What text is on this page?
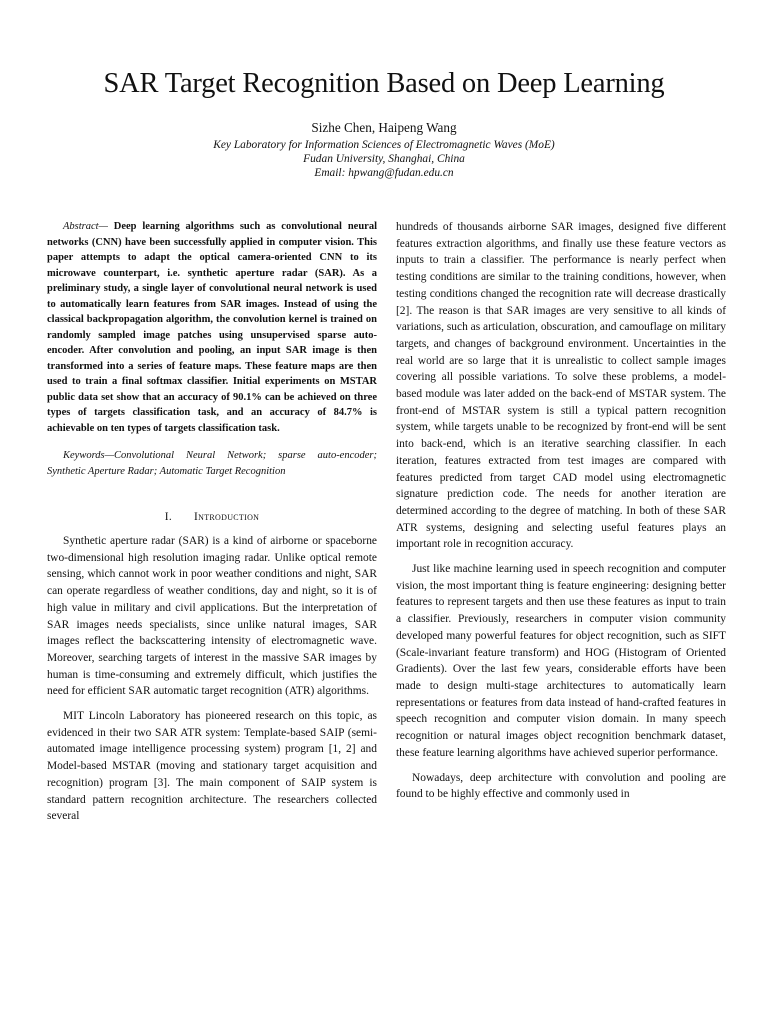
SAR Target Recognition Based on Deep Learning
Sizhe Chen, Haipeng Wang
Key Laboratory for Information Sciences of Electromagnetic Waves (MoE)
Fudan University, Shanghai, China
Email: hpwang@fudan.edu.cn

Abstract— Deep learning algorithms such as convolutional neural networks (CNN) have been successfully applied in computer vision. This paper attempts to adapt the optical camera-oriented CNN to its microwave counterpart, i.e. synthetic aperture radar (SAR). As a preliminary study, a single layer of convolutional neural network is used to automatically learn features from SAR images. Instead of using the classical backpropagation algorithm, the convolution kernel is trained on randomly sampled image patches using unsupervised sparse auto-encoder. After convolution and pooling, an input SAR image is then transformed into a series of feature maps. These feature maps are then used to train a final softmax classifier. Initial experiments on MSTAR public data set show that an accuracy of 90.1% can be achieved on three types of targets classification task, and an accuracy of 84.7% is achievable on ten types of targets classification task.

Keywords—Convolutional Neural Network; sparse auto-encoder; Synthetic Aperture Radar; Automatic Target Recognition

I. Introduction

Synthetic aperture radar (SAR) is a kind of airborne or spaceborne two-dimensional high resolution imaging radar. Unlike optical remote sensing, which cannot work in poor weather conditions and night, SAR can operate regardless of weather conditions, day and night, so it is of high value in military and civil applications. But the interpretation of SAR images needs specialists, since unlike natural images, SAR images reflect the backscattering intensity of electromagnetic wave. Moreover, searching targets of interest in the massive SAR images by human is time-consuming and extremely difficult, which justifies the need for efficient SAR automatic target recognition (ATR) algorithms.

MIT Lincoln Laboratory has pioneered research on this topic, as evidenced in their two SAR ATR system: Template-based SAIP (semi-automated image intelligence processing system) program [1, 2] and Model-based MSTAR (moving and stationary target acquisition and recognition) program [3]. The main component of SAIP system is standard pattern recognition architecture. The researchers collected several

hundreds of thousands airborne SAR images, designed five different features extraction algorithms, and finally use these feature vectors as inputs to train a classifier. The performance is nearly perfect when testing conditions are similar to the training conditions, however, when testing conditions changed the recognition rate will decrease drastically [2]. The reason is that SAR images are very sensitive to all kinds of variations, such as articulation, obscuration, and camouflage on military targets, and changes of background environment. Uncertainties in the real world are so large that it is unrealistic to collect sample images covering all possible variations. To solve these problems, a model-based module was later added on the back-end of MSTAR system. The front-end of MSTAR system is still a typical pattern recognition system, while targets unable to be recognized by front-end will be sent into back-end, which is an iterative searching classifier. In each iteration, features extracted from test images are compared with features predicted from target CAD model using electromagnetic signature prediction code. The needs for another iteration are determined according to the degree of matching. In both of these SAR ATR systems, designing and selecting useful features plays an important role in recognition accuracy.

Just like machine learning used in speech recognition and computer vision, the most important thing is feature engineering: designing better features to represent targets and then use these features as input to train a classifier. Previously, researchers in computer vision community developed many powerful features for object recognition, such as SIFT (Scale-invariant feature transform) and HOG (Histogram of Oriented Gradients). Over the last few years, considerable efforts have been made to design multi-stage architectures to automatically learn representations or features from data instead of hand-crafted features in speech recognition and computer vision domain. In many speech recognition or natural images object recognition benchmark dataset, these feature learning algorithms have achieved superior performance.

Nowadays, deep architecture with convolution and pooling are found to be highly effective and commonly used in
